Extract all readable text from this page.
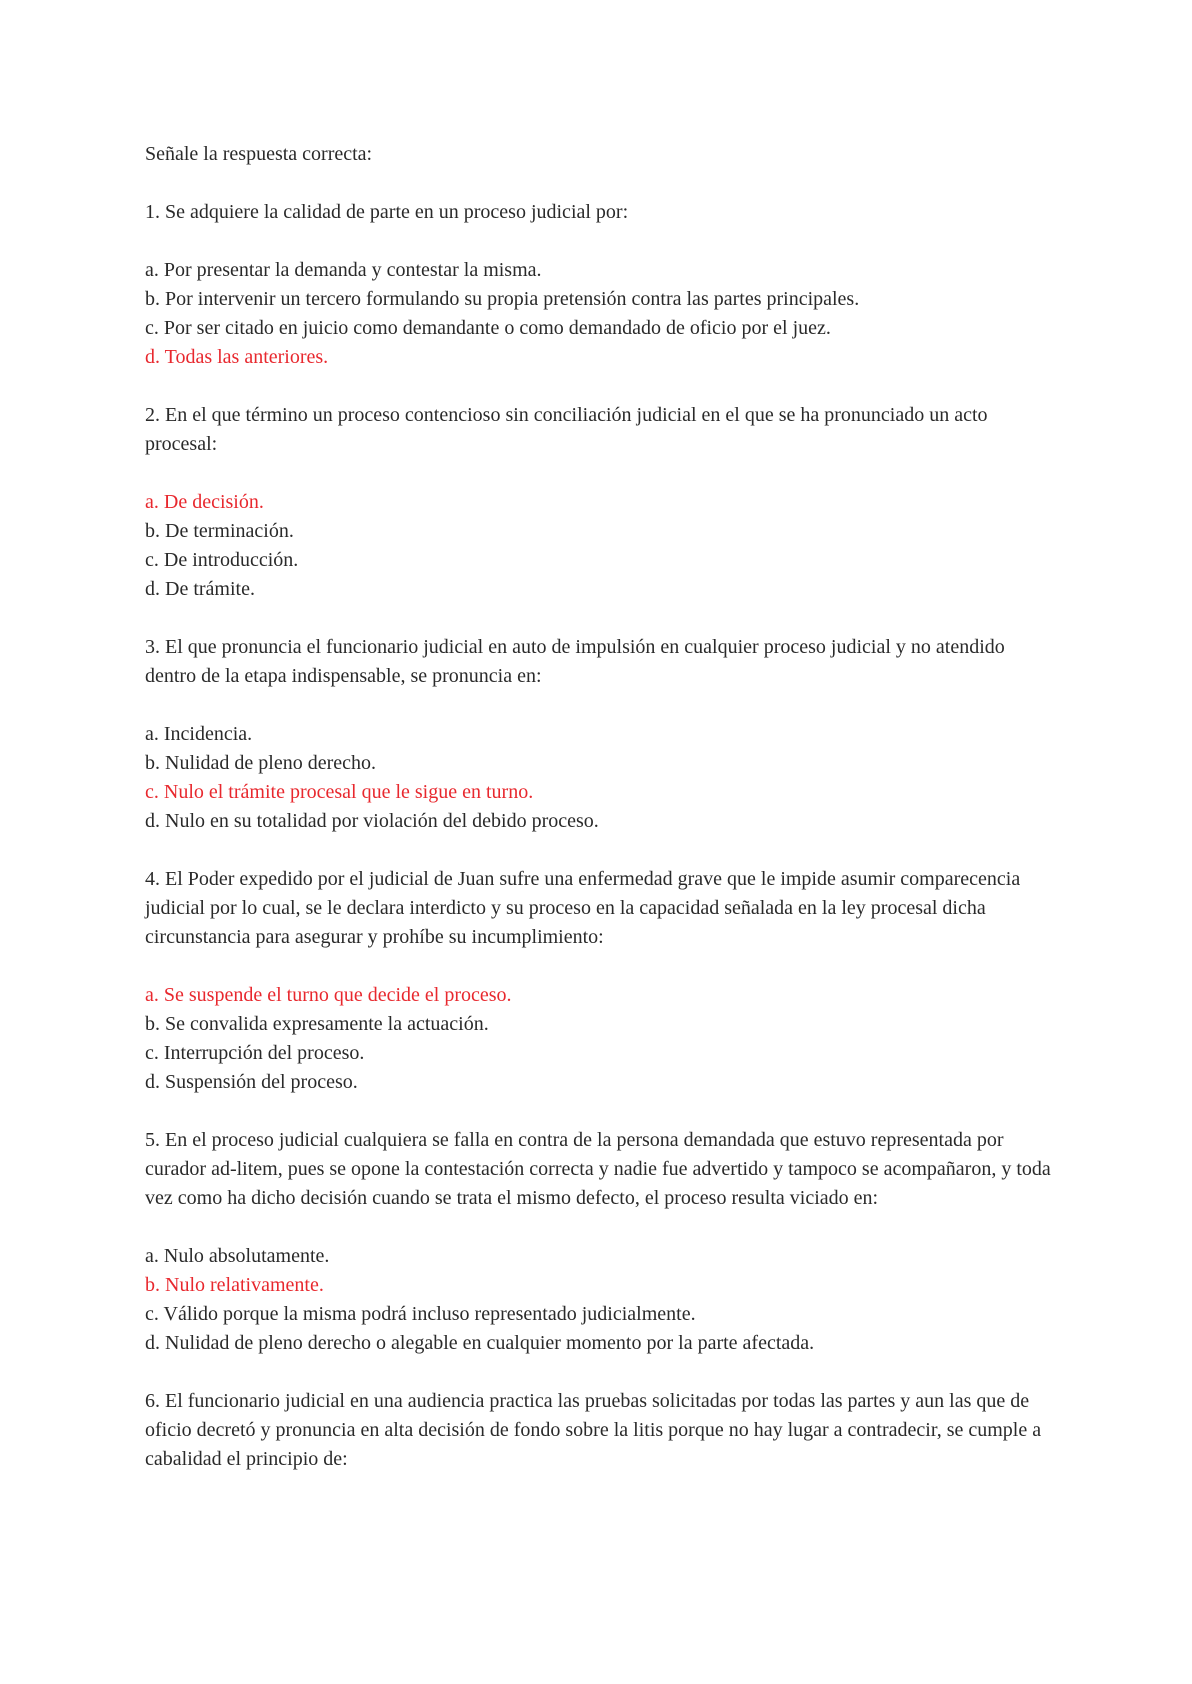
Señale la respuesta correcta:

1. Se adquiere la calidad de parte en un proceso judicial por:

a. Por presentar la demanda y contestar la misma.
b. Por intervenir un tercero formulando su propia pretensión contra las partes principales.
c. Por ser citado en juicio como demandante o como demandado de oficio por el juez.
d. Todas las anteriores.

2. En el que término un proceso contencioso sin conciliación judicial en el que se ha pronunciado un acto procesal:

a. De decisión.
b. De terminación.
c. De introducción.
d. De trámite.

3. El que pronuncia el funcionario judicial en auto de impulsión en cualquier proceso judicial y no atendido dentro de la etapa indispensable, se pronuncia en:

a. Incidencia.
b. Nulidad de pleno derecho.
c. Nulo el trámite procesal que le sigue en turno.
d. Nulo en su totalidad por violación del debido proceso.

4. El Poder expedido por el judicial de Juan sufre una enfermedad grave que le impide asumir comparecencia judicial por lo cual, se le declara interdicto y su proceso en la capacidad señalada en la ley procesal dicha circunstancia para asegurar y prohíbe su incumplimiento:

a. Se suspende el turno que decide el proceso.
b. Se convalida expresamente la actuación.
c. Interrupción del proceso.
d. Suspensión del proceso.

5. En el proceso judicial cualquiera se falla en contra de la persona demandada que estuvo representada por curador ad-litem, pues se opone la contestación correcta y nadie fue advertido y tampoco se acompañaron, y toda vez como ha dicho decisión cuando se trata el mismo defecto, el proceso resulta viciado en:

a. Nulo absolutamente.
b. Nulo relativamente.
c. Válido porque la misma podrá incluso representado judicialmente.
d. Nulidad de pleno derecho o alegable en cualquier momento por la parte afectada.

6. El funcionario judicial en una audiencia practica las pruebas solicitadas por todas las partes y aun las que de oficio decretó y pronuncia en alta decisión de fondo sobre la litis porque no hay lugar a contradecir, se cumple a cabalidad el principio de:
